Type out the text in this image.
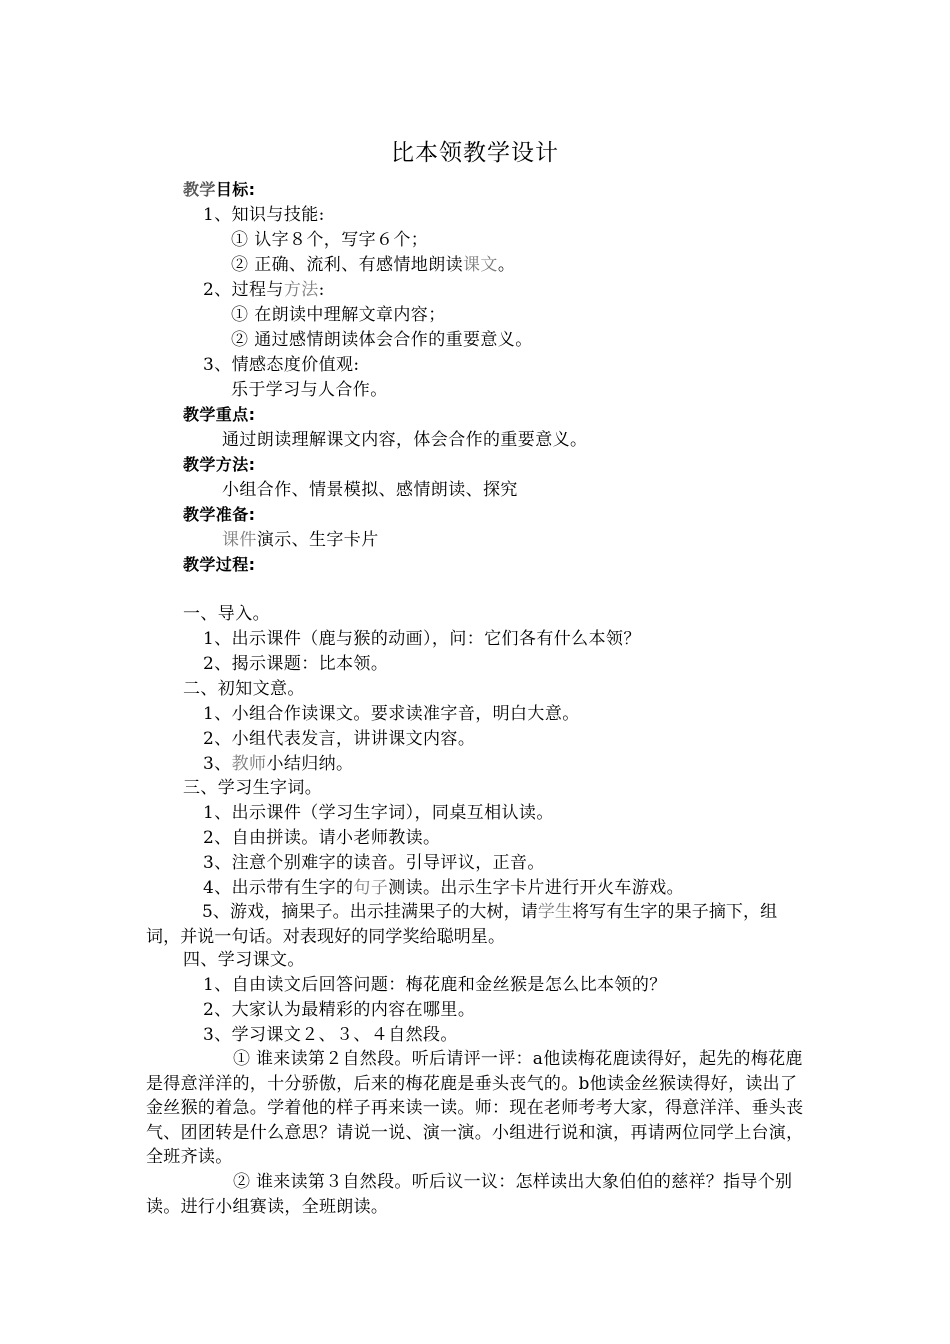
比本领教学设计
教学目标:
1、知识与技能:
① 认字８个，写字６个；
② 正确、流利、有感情地朗读课文。
2、过程与方法:
① 在朗读中理解文章内容；
② 通过感情朗读体会合作的重要意义。
3、情感态度价值观:
乐于学习与人合作。
教学重点:
通过朗读理解课文内容，体会合作的重要意义。
教学方法:
小组合作、情景模拟、感情朗读、探究
教学准备:
课件演示、生字卡片
教学过程:
一、导入。
1、出示课件（鹿与猴的动画），问：它们各有什么本领？
2、揭示课题：比本领。
二、初知文意。
1、小组合作读课文。要求读准字音，明白大意。
2、小组代表发言，讲讲课文内容。
3、教师小结归纳。
三、学习生字词。
1、出示课件（学习生字词），同桌互相认读。
2、自由拼读。请小老师教读。
3、注意个别难字的读音。引导评议，正音。
4、出示带有生字的句子测读。出示生字卡片进行开火车游戏。
5、游戏，摘果子。出示挂满果子的大树，请学生将写有生字的果子摘下，组词，并说一句话。对表现好的同学奖给聪明星。
四、学习课文。
1、自由读文后回答问题：梅花鹿和金丝猴是怎么比本领的？
2、大家认为最精彩的内容在哪里。
3、学习课文２、３、４自然段。
① 谁来读第２自然段。听后请评一评：a他读梅花鹿读得好，起先的梅花鹿是得意洋洋的，十分骄傲，后来的梅花鹿是垂头丧气的。b他读金丝猴读得好，读出了金丝猴的着急。学着他的样子再来读一读。师：现在老师考考大家，得意洋洋、垂头丧气、团团转是什么意思？请说一说、演一演。小组进行说和演，再请两位同学上台演，全班齐读。
② 谁来读第３自然段。听后议一议：怎样读出大象伯伯的慈祥？指导个别读。进行小组赛读，全班朗读。
